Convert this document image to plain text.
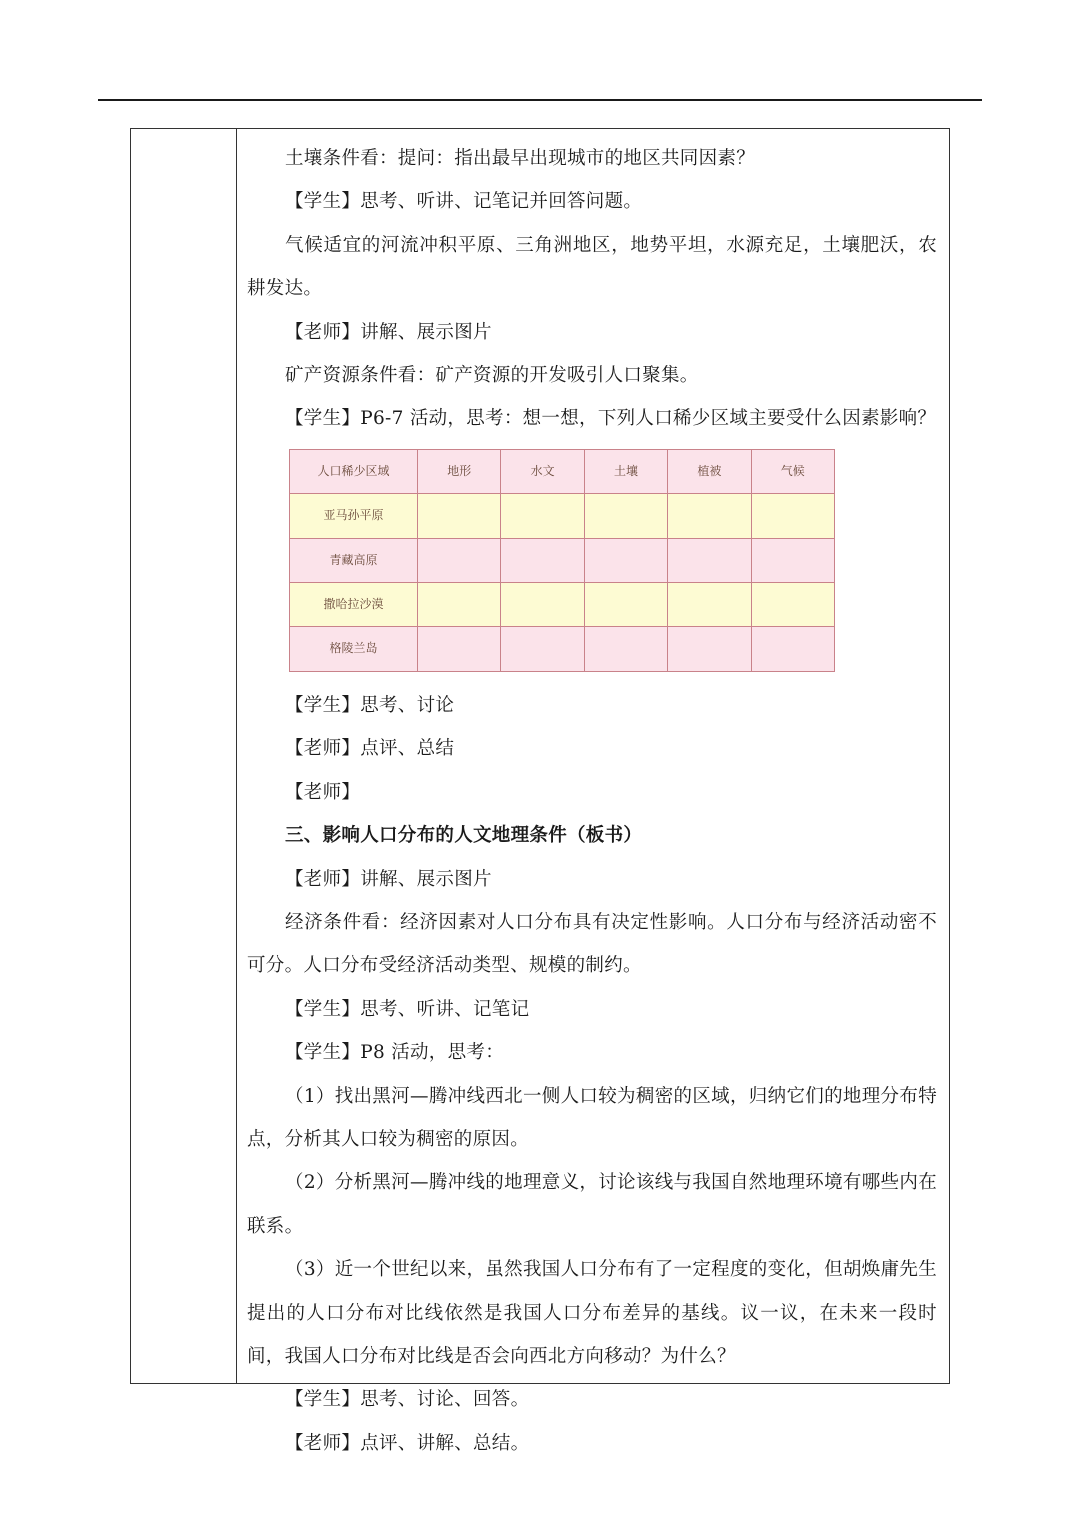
土壤条件看：提问：指出最早出现城市的地区共同因素？

【学生】思考、听讲、记笔记并回答问题。

气候适宜的河流冲积平原、三角洲地区，地势平坦，水源充足，土壤肥沃，农耕发达。

【老师】讲解、展示图片

矿产资源条件看：矿产资源的开发吸引人口聚集。

【学生】P6-7 活动，思考：想一想，下列人口稀少区域主要受什么因素影响？

人口稀少区域	地形	水文	土壤	植被	气候
亚马孙平原					
青藏高原					
撒哈拉沙漠					
格陵兰岛					

【学生】思考、讨论

【老师】点评、总结

【老师】

三、影响人口分布的人文地理条件（板书）

【老师】讲解、展示图片

经济条件看：经济因素对人口分布具有决定性影响。人口分布与经济活动密不可分。人口分布受经济活动类型、规模的制约。

【学生】思考、听讲、记笔记

【学生】P8 活动，思考：

（1）找出黑河—腾冲线西北一侧人口较为稠密的区域，归纳它们的地理分布特点，分析其人口较为稠密的原因。

（2）分析黑河—腾冲线的地理意义，讨论该线与我国自然地理环境有哪些内在联系。

（3）近一个世纪以来，虽然我国人口分布有了一定程度的变化，但胡焕庸先生提出的人口分布对比线依然是我国人口分布差异的基线。议一议，在未来一段时间，我国人口分布对比线是否会向西北方向移动？为什么？

【学生】思考、讨论、回答。

【老师】点评、讲解、总结。
